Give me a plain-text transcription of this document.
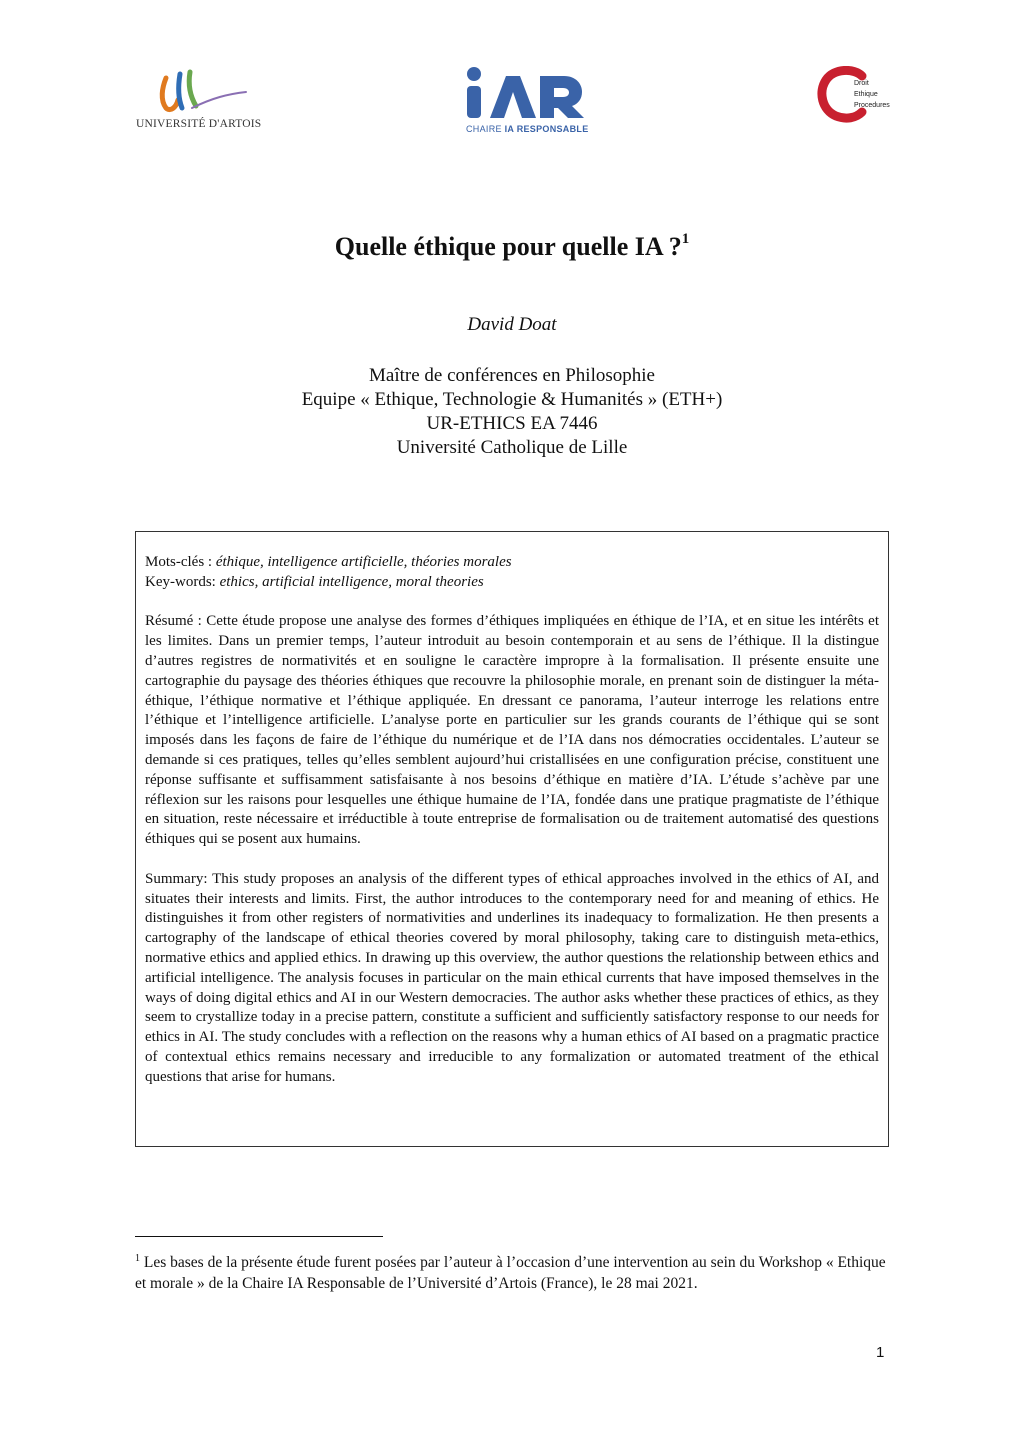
UNIVERSITÉ D'ARTOIS	CHAIRE IA RESPONSABLE
Droit
Ethique
Procedures
Quelle éthique pour quelle IA ?$^1$
David Doat
Maître de conférences en Philosophie
Equipe « Ethique, Technologie & Humanités » (ETH+)
UR-ETHICS EA 7446
Université Catholique de Lille

Mots-clés : éthique, intelligence artificielle, théories morales

Key-words: ethics, artificial intelligence, moral theories

Résumé : Cette étude propose une analyse des formes d’éthiques impliquées en éthique de l’IA, et en situe les intérêts et les limites. Dans un premier temps, l’auteur introduit au besoin contemporain et au sens de l’éthique. Il la distingue d’autres registres de normativités et en souligne le caractère impropre à la formalisation. Il présente ensuite une cartographie du paysage des théories éthiques que recouvre la philosophie morale, en prenant soin de distinguer la méta-éthique, l’éthique normative et l’éthique appliquée. En dressant ce panorama, l’auteur interroge les relations entre l’éthique et l’intelligence artificielle. L’analyse porte en particulier sur les grands courants de l’éthique qui se sont imposés dans les façons de faire de l’éthique du numérique et de l’IA dans nos démocraties occidentales. L’auteur se demande si ces pratiques, telles qu’elles semblent aujourd’hui cristallisées en une configuration précise, constituent une réponse suffisante et suffisamment satisfaisante à nos besoins d’éthique en matière d’IA. L’étude s’achève par une réflexion sur les raisons pour lesquelles une éthique humaine de l’IA, fondée dans une pratique pragmatiste de l’éthique en situation, reste nécessaire et irréductible à toute entreprise de formalisation ou de traitement automatisé des questions éthiques qui se posent aux humains.

Summary: This study proposes an analysis of the different types of ethical approaches involved in the ethics of AI, and situates their interests and limits. First, the author introduces to the contemporary need for and meaning of ethics. He distinguishes it from other registers of normativities and underlines its inadequacy to formalization. He then presents a cartography of the landscape of ethical theories covered by moral philosophy, taking care to distinguish meta-ethics, normative ethics and applied ethics. In drawing up this overview, the author questions the relationship between ethics and artificial intelligence. The analysis focuses in particular on the main ethical currents that have imposed themselves in the ways of doing digital ethics and AI in our Western democracies. The author asks whether these practices of ethics, as they seem to crystallize today in a precise pattern, constitute a sufficient and sufficiently satisfactory response to our needs for ethics in AI. The study concludes with a reflection on the reasons why a human ethics of AI based on a pragmatic practice of contextual ethics remains necessary and irreducible to any formalization or automated treatment of the ethical questions that arise for humans.

$^1$ Les bases de la présente étude furent posées par l’auteur à l’occasion d’une intervention au sein du Workshop « Ethique et morale » de la Chaire IA Responsable de l’Université d’Artois (France), le 28 mai 2021.
1
